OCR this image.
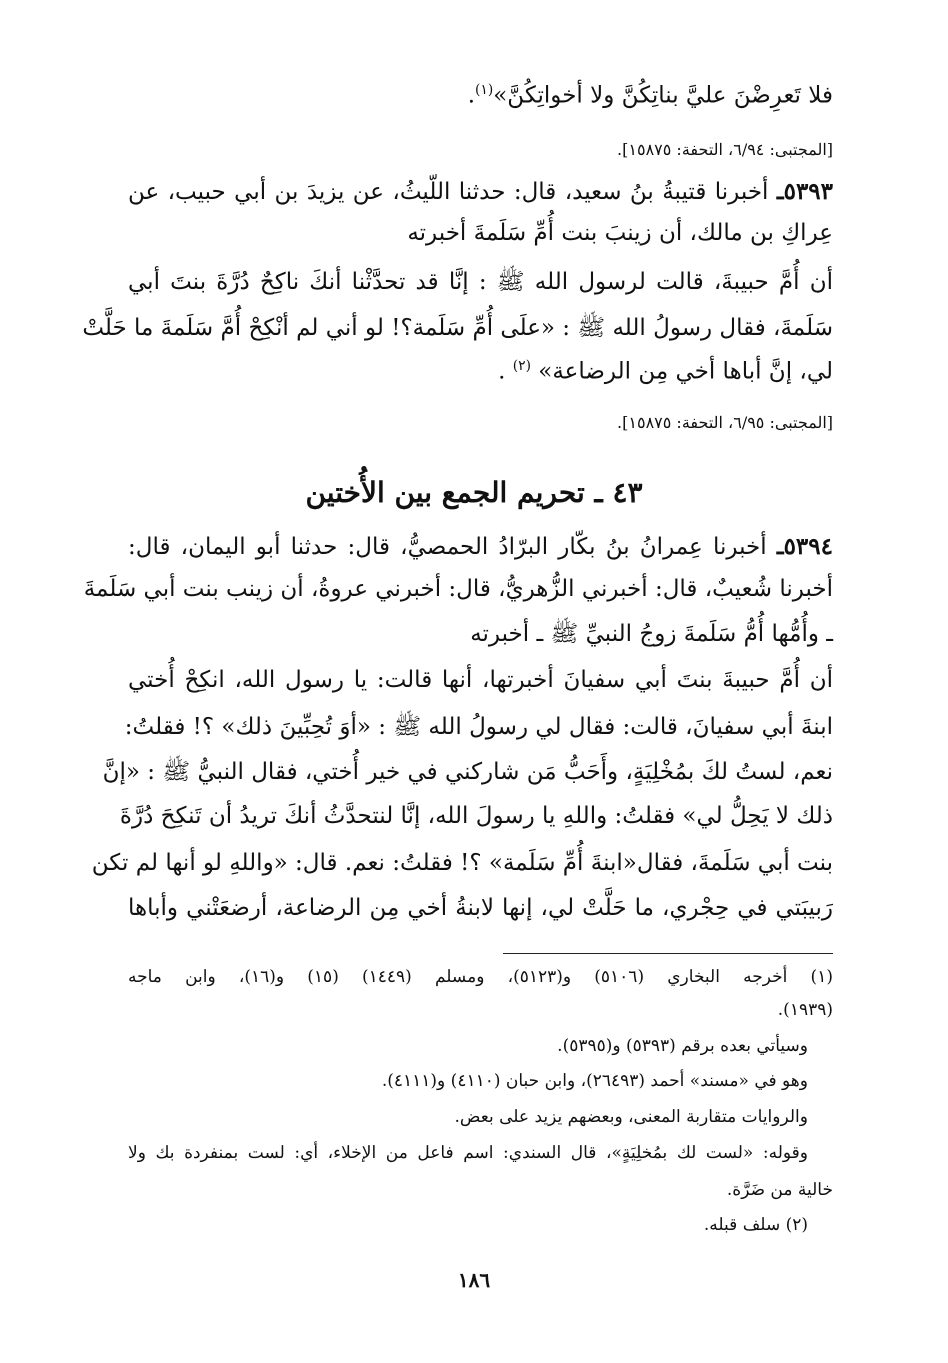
فلا تَعرِضْنَ عليَّ بناتِكُنَّ ولا أخواتِكُنَّ»$^{(١)}$.
[المجتبى: ٦/٩٤، التحفة: ١٥٨٧٥].
٥٣٩٣ـ أخبرنا قتيبةُ بنُ سعيد، قال: حدثنا اللّيثُ، عن يزيدَ بن أبي حبيب، عن
عِراكِ بن مالك، أن زينبَ بنت أُمِّ سَلَمةَ أخبرته
أن أُمَّ حبيبةَ، قالت لرسول الله ﷺ : إنَّا قد تحدَّثْنا أنكَ ناكِحٌ دُرَّةَ بنتَ أبي
سَلَمةَ، فقال رسولُ الله ﷺ : «علَى أُمِّ سَلَمة؟! لو أني لم أنْكِحْ أُمَّ سَلَمةَ ما حَلَّتْ
لي، إنَّ أباها أخي مِن الرضاعة» $^{(٢)}$ .
[المجتبى: ٦/٩٥، التحفة: ١٥٨٧٥].
٤٣ ـ تحريم الجمع بين الأُختين
٥٣٩٤ـ أخبرنا عِمرانُ بنُ بكّار البرّادُ الحمصيُّ، قال: حدثنا أبو اليمان، قال:
أخبرنا شُعيبٌ، قال: أخبرني الزُّهريُّ، قال: أخبرني عروةُ، أن زينب بنت أبي سَلَمةَ
ـ وأُمُّها أُمُّ سَلَمةَ زوجُ النبيِّ ﷺ ـ أخبرته
أن أُمَّ حبيبةَ بنتَ أبي سفيانَ أخبرتها، أنها قالت: يا رسول الله، انكِحْ أُختي
ابنةَ أبي سفيانَ، قالت: فقال لي رسولُ الله ﷺ : «أوَ تُحِبِّينَ ذلك» ؟! فقلتُ:
نعم، لستُ لكَ بمُخْلِيَةٍ، وأَحَبُّ مَن شاركني في خير أُختي، فقال النبيُّ ﷺ : «إنَّ
ذلك لا يَحِلُّ لي» فقلتُ: واللهِ يا رسولَ الله، إنَّا لنتحدَّثُ أنكَ تريدُ أن تَنكِحَ دُرَّةَ
بنت أبي سَلَمةَ، فقال«ابنةَ أُمِّ سَلَمة» ؟! فقلتُ: نعم. قال: «واللهِ لو أنها لم تكن
رَبيبَتي في حِجْري، ما حَلَّتْ لي، إنها لابنةُ أخي مِن الرضاعة، أرضعَتْني وأباها
(١) أخرجه البخاري (٥١٠٦) و(٥١٢٣)، ومسلم (١٤٤٩) (١٥) و(١٦)، وابن ماجه
(١٩٣٩).
وسيأتي بعده برقم (٥٣٩٣) و(٥٣٩٥).
وهو في «مسند» أحمد (٢٦٤٩٣)، وابن حبان (٤١١٠) و(٤١١١).
والروايات متقاربة المعنى، وبعضهم يزيد على بعض.
وقوله: «لست لك بمُخلِيَةٍ»، قال السندي: اسم فاعل من الإخلاء، أي: لست بمنفردة بك ولا
خالية من ضَرَّة.
(٢) سلف قبله.
١٨٦
